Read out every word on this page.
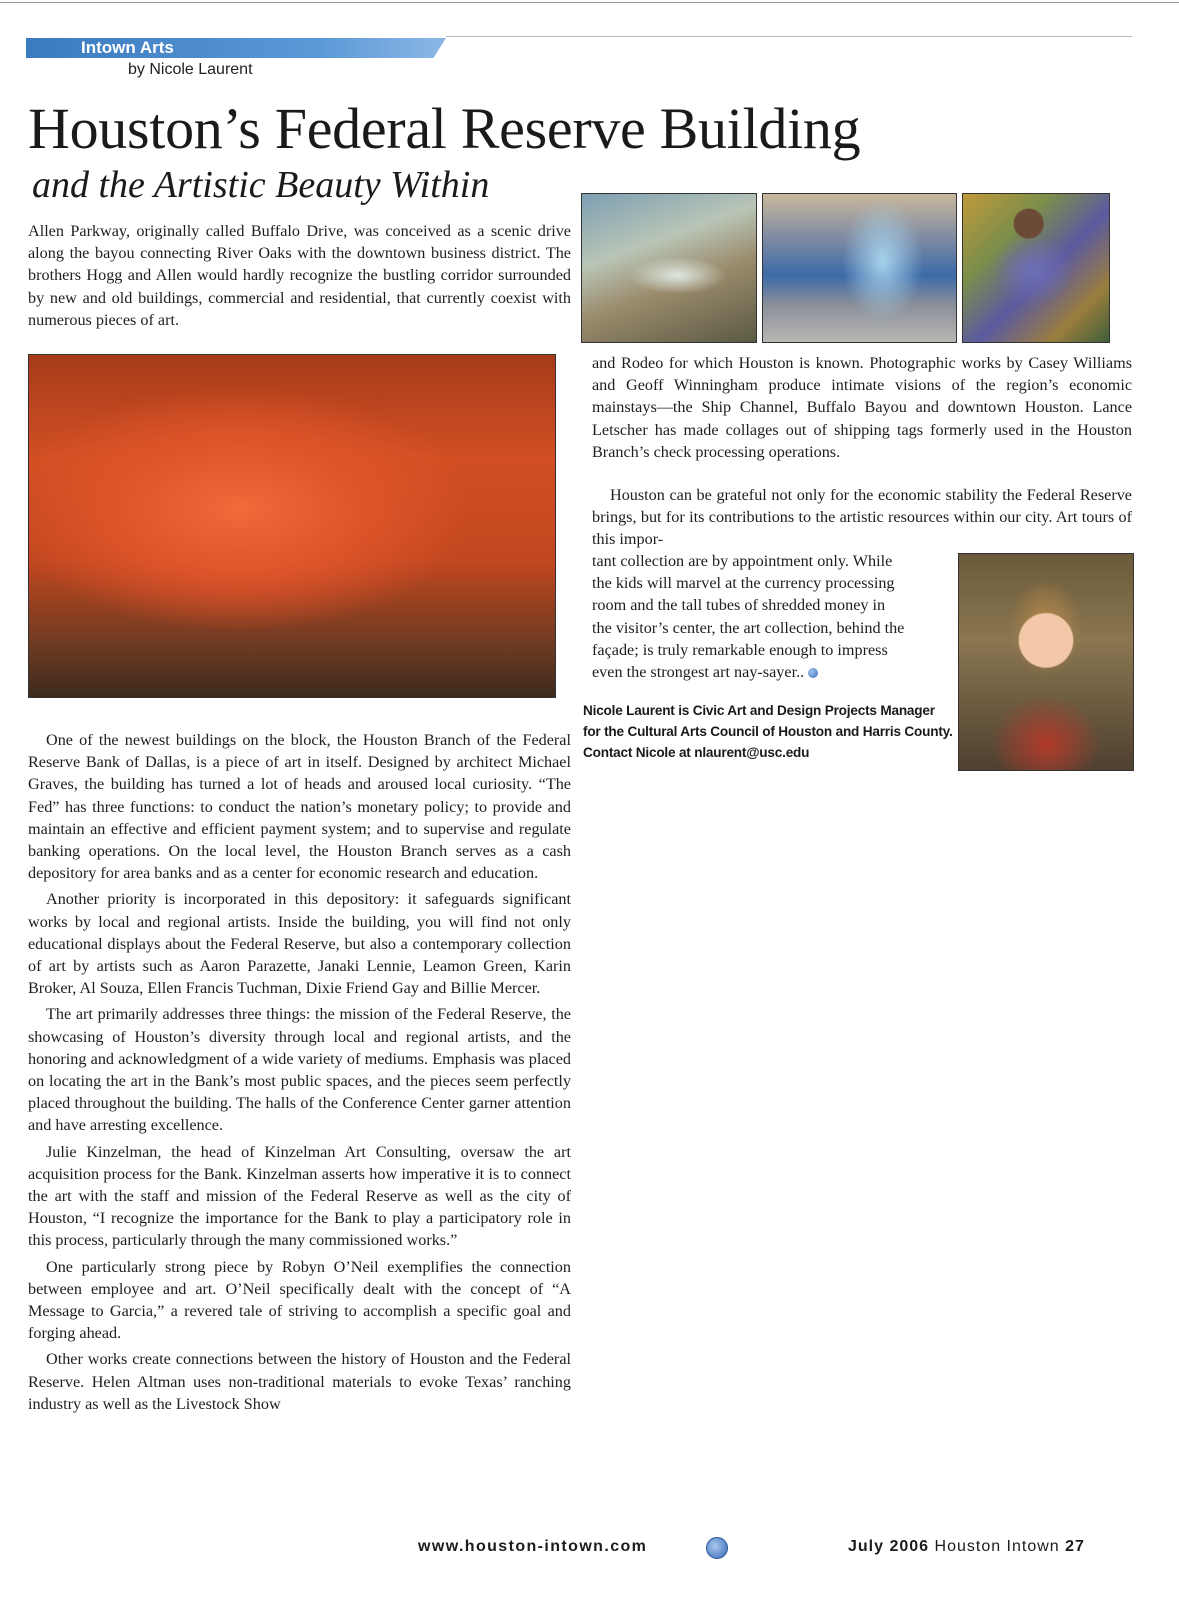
Intown Arts
by Nicole Laurent
Houston’s Federal Reserve Building
and the Artistic Beauty Within

Allen Parkway, originally called Buffalo Drive, was conceived as a scenic drive along the bayou connecting River Oaks with the downtown business district. The brothers Hogg and Allen would hardly recognize the bustling corridor surrounded by new and old buildings, commercial and residential, that currently coexist with numerous pieces of art.

One of the newest buildings on the block, the Houston Branch of the Federal Reserve Bank of Dallas, is a piece of art in itself. Designed by architect Michael Graves, the building has turned a lot of heads and aroused local curiosity. “The Fed” has three functions: to conduct the nation’s monetary policy; to provide and maintain an effective and efficient payment system; and to supervise and regulate banking operations. On the local level, the Houston Branch serves as a cash depository for area banks and as a center for economic research and education.

Another priority is incorporated in this depository: it safeguards significant works by local and regional artists. Inside the building, you will find not only educational displays about the Federal Reserve, but also a contemporary collection of art by artists such as Aaron Parazette, Janaki Lennie, Leamon Green, Karin Broker, Al Souza, Ellen Francis Tuchman, Dixie Friend Gay and Billie Mercer.

The art primarily addresses three things: the mission of the Federal Reserve, the showcasing of Houston’s diversity through local and regional artists, and the honoring and acknowledgment of a wide variety of mediums. Emphasis was placed on locating the art in the Bank’s most public spaces, and the pieces seem perfectly placed throughout the building. The halls of the Conference Center garner attention and have arresting excellence.

Julie Kinzelman, the head of Kinzelman Art Consulting, oversaw the art acquisition process for the Bank. Kinzelman asserts how imperative it is to connect the art with the staff and mission of the Federal Reserve as well as the city of Houston, “I recognize the importance for the Bank to play a participatory role in this process, particularly through the many commissioned works.”

One particularly strong piece by Robyn O’Neil exemplifies the connection between employee and art. O’Neil specifically dealt with the concept of “A Message to Garcia,” a revered tale of striving to accomplish a specific goal and forging ahead.

Other works create connections between the history of Houston and the Federal Reserve. Helen Altman uses non-traditional materials to evoke Texas’ ranching industry as well as the Livestock Show

and Rodeo for which Houston is known. Photographic works by Casey Williams and Geoff Winningham produce intimate visions of the region’s economic mainstays—the Ship Channel, Buffalo Bayou and downtown Houston. Lance Letscher has made collages out of shipping tags formerly used in the Houston Branch’s check processing operations.

Houston can be grateful not only for the economic stability the Federal Reserve brings, but for its contributions to the artistic resources within our city. Art tours of this impor-

tant collection are by appointment only. While

the kids will marvel at the currency processing

room and the tall tubes of shredded money in

the visitor’s center, the art collection, behind the

façade; is truly remarkable enough to impress

even the strongest art nay-sayer..

Nicole Laurent is Civic Art and Design Projects Manager

for the Cultural Arts Council of Houston and Harris County.

Contact Nicole at nlaurent@usc.edu

www.houston-intown.com	July 2006 Houston Intown 27
